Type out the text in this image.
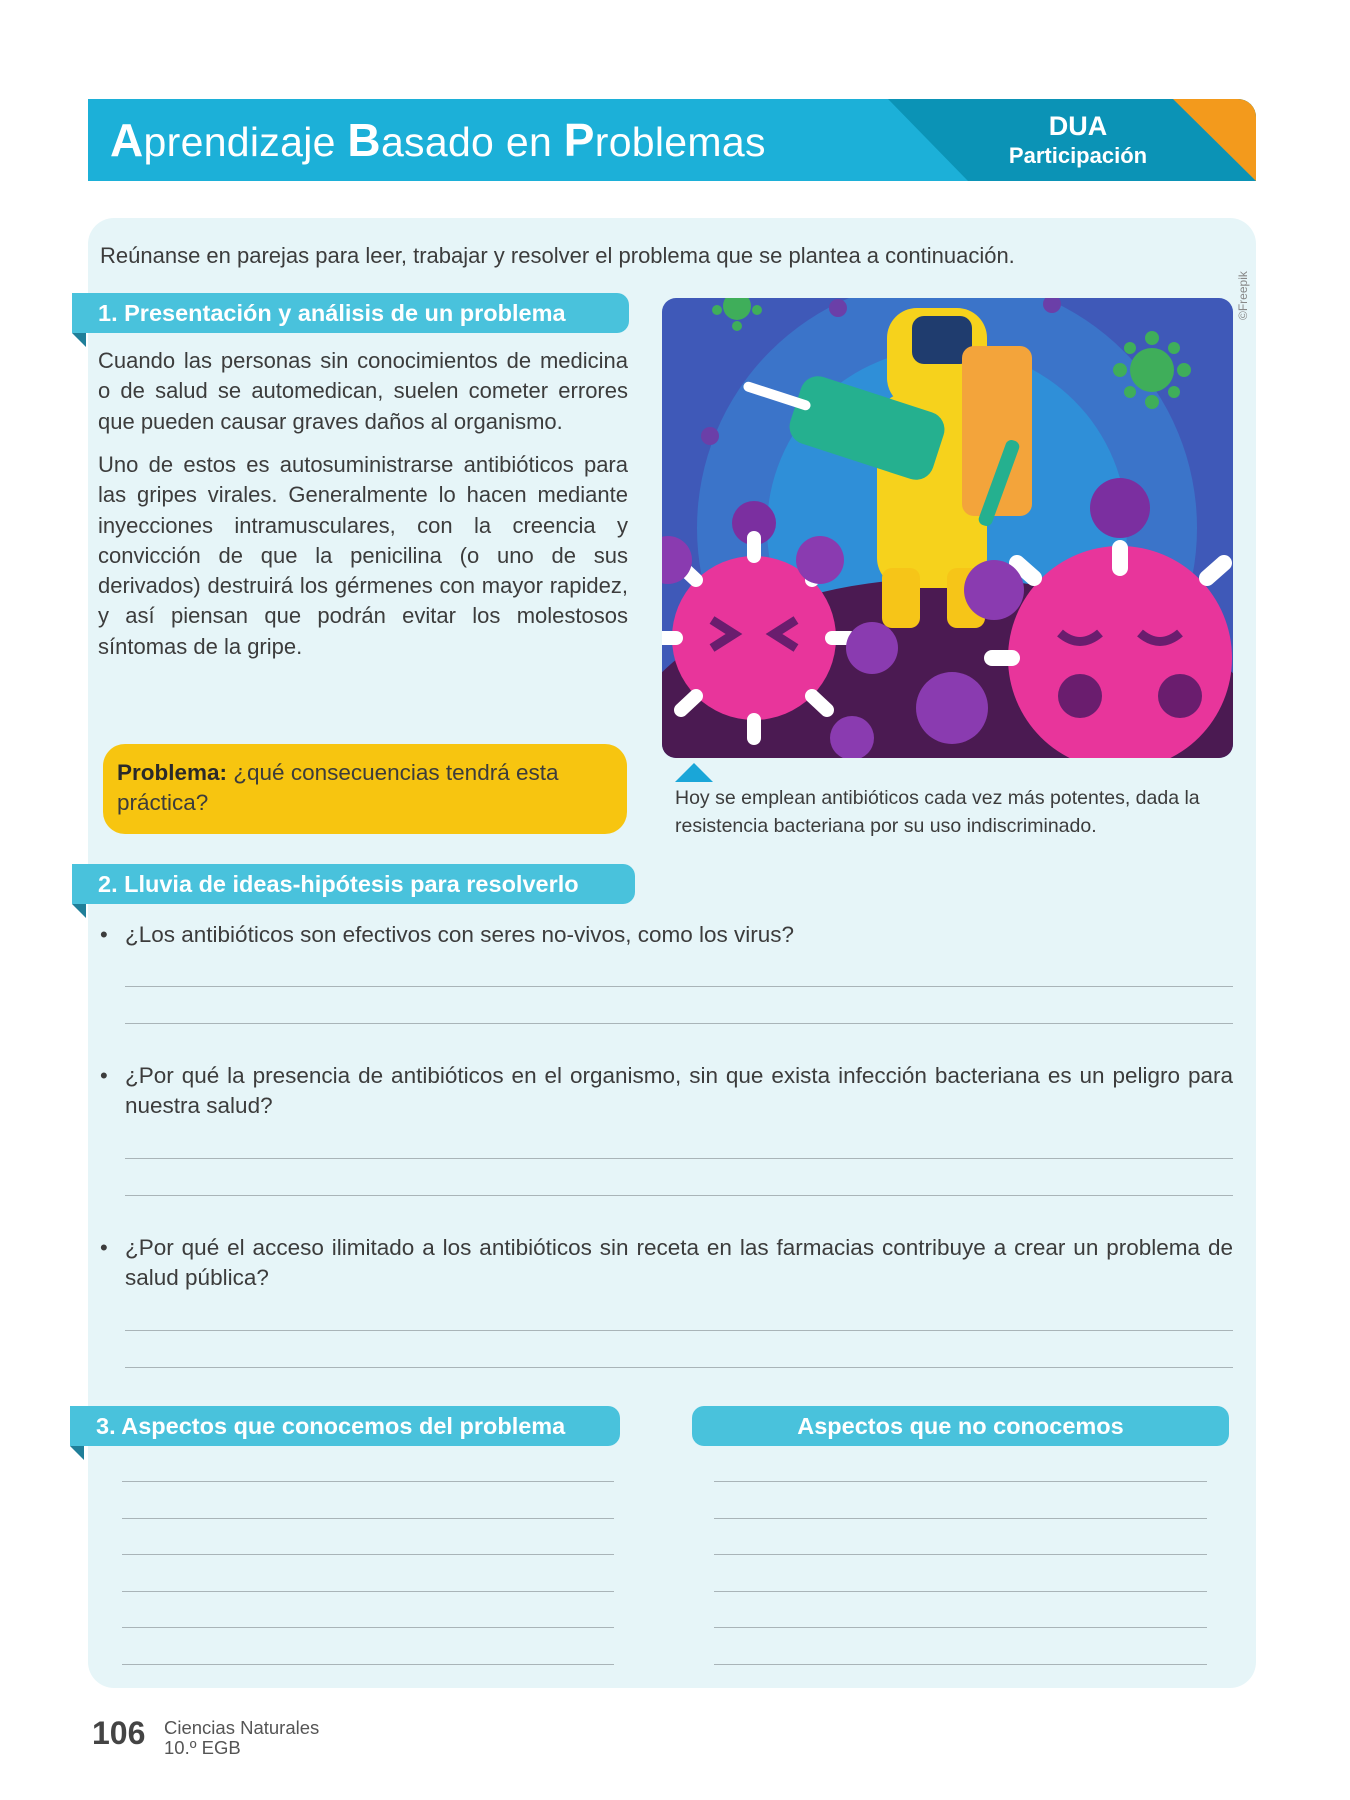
Aprendizaje Basado en Problemas	DUA
Participación
Reúnanse en parejas para leer, trabajar y resolver el problema que se plantea a continuación.
1. Presentación y análisis de un problema
Cuando las personas sin conocimientos de medicina o de salud se automedican, suelen cometer errores que pueden causar graves daños al organismo.
Uno de estos es autosuministrarse antibióticos para las gripes virales. Generalmente lo hacen mediante inyecciones intramusculares, con la creencia y convicción de que la penicilina (o uno de sus derivados) destruirá los gérmenes con mayor rapidez, y así piensan que podrán evitar los molestosos síntomas de la gripe.
Problema: ¿qué consecuencias tendrá esta práctica?
©Freepik
Hoy se emplean antibióticos cada vez más potentes, dada la resistencia bacteriana por su uso indiscriminado.
2. Lluvia de ideas-hipótesis para resolverlo
• ¿Los antibióticos son efectivos con seres no-vivos, como los virus?
• ¿Por qué la presencia de antibióticos en el organismo, sin que exista infección bacteriana es un peligro para nuestra salud?
• ¿Por qué el acceso ilimitado a los antibióticos sin receta en las farmacias contribuye a crear un problema de salud pública?
3. Aspectos que conocemos del problema	Aspectos que no conocemos
106 Ciencias Naturales
10.º EGB
